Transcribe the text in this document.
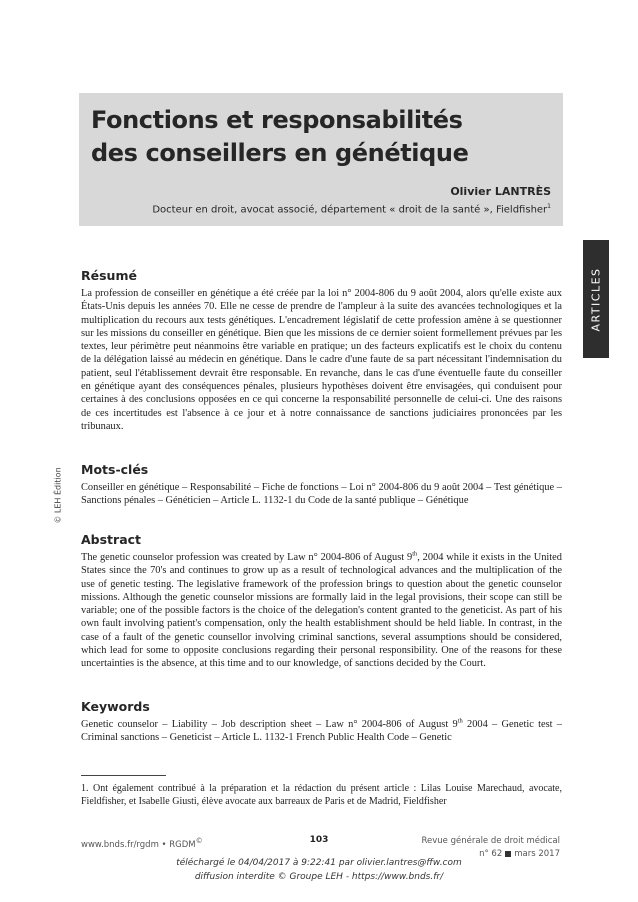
Fonctions et responsabilités
des conseillers en génétique
Olivier LANTRÈS
Docteur en droit, avocat associé, département « droit de la santé », Fieldfisher$^1$
ARTICLES
© LEH Édition
Résumé

La profession de conseiller en génétique a été créée par la loi n° 2004-806 du 9 août 2004, alors qu'elle existe aux États-Unis depuis les années 70. Elle ne cesse de prendre de l'ampleur à la suite des avancées technologiques et la multiplication du recours aux tests génétiques. L'encadrement législatif de cette profession amène à se questionner sur les missions du conseiller en génétique. Bien que les missions de ce dernier soient formellement prévues par les textes, leur périmètre peut néanmoins être variable en pratique; un des facteurs explicatifs est le choix du contenu de la délégation laissé au médecin en génétique. Dans le cadre d'une faute de sa part nécessitant l'indemnisation du patient, seul l'établissement devrait être responsable. En revanche, dans le cas d'une éventuelle faute du conseiller en génétique ayant des conséquences pénales, plusieurs hypothèses doivent être envisagées, qui conduisent pour certaines à des conclusions opposées en ce qui concerne la responsabilité personnelle de celui-ci. Une des raisons de ces incertitudes est l'absence à ce jour et à notre connaissance de sanctions judiciaires prononcées par les tribunaux.

Mots-clés

Conseiller en génétique – Responsabilité – Fiche de fonctions – Loi n° 2004-806 du 9 août 2004 – Test génétique – Sanctions pénales – Généticien – Article L. 1132-1 du Code de la santé publique – Génétique

Abstract

The genetic counselor profession was created by Law n° 2004-806 of August 9th, 2004 while it exists in the United States since the 70's and continues to grow up as a result of technological advances and the multiplication of the use of genetic testing. The legislative framework of the profession brings to question about the genetic counselor missions. Although the genetic counselor missions are formally laid in the legal provisions, their scope can still be variable; one of the possible factors is the choice of the delegation's content granted to the geneticist. As part of his own fault involving patient's compensation, only the health establishment should be held liable. In contrast, in the case of a fault of the genetic counsellor involving criminal sanctions, several assumptions should be considered, which lead for some to opposite conclusions regarding their personal responsibility. One of the reasons for these uncertainties is the absence, at this time and to our knowledge, of sanctions decided by the Court.

Keywords

Genetic counselor – Liability – Job description sheet – Law n° 2004-806 of August 9th 2004 – Genetic test – Criminal sanctions – Geneticist – Article L. 1132-1 French Public Health Code – Genetic

1. Ont également contribué à la préparation et la rédaction du présent article : Lilas Louise Marechaud, avocate, Fieldfisher, et Isabelle Giusti, élève avocate aux barreaux de Paris et de Madrid, Fieldfisher

www.bnds.fr/rgdm • RGDM©	103	Revue générale de droit médical
n° 62 mars 2017
téléchargé le 04/04/2017 à 9:22:41 par olivier.lantres@ffw.com
diffusion interdite © Groupe LEH - https://www.bnds.fr/
